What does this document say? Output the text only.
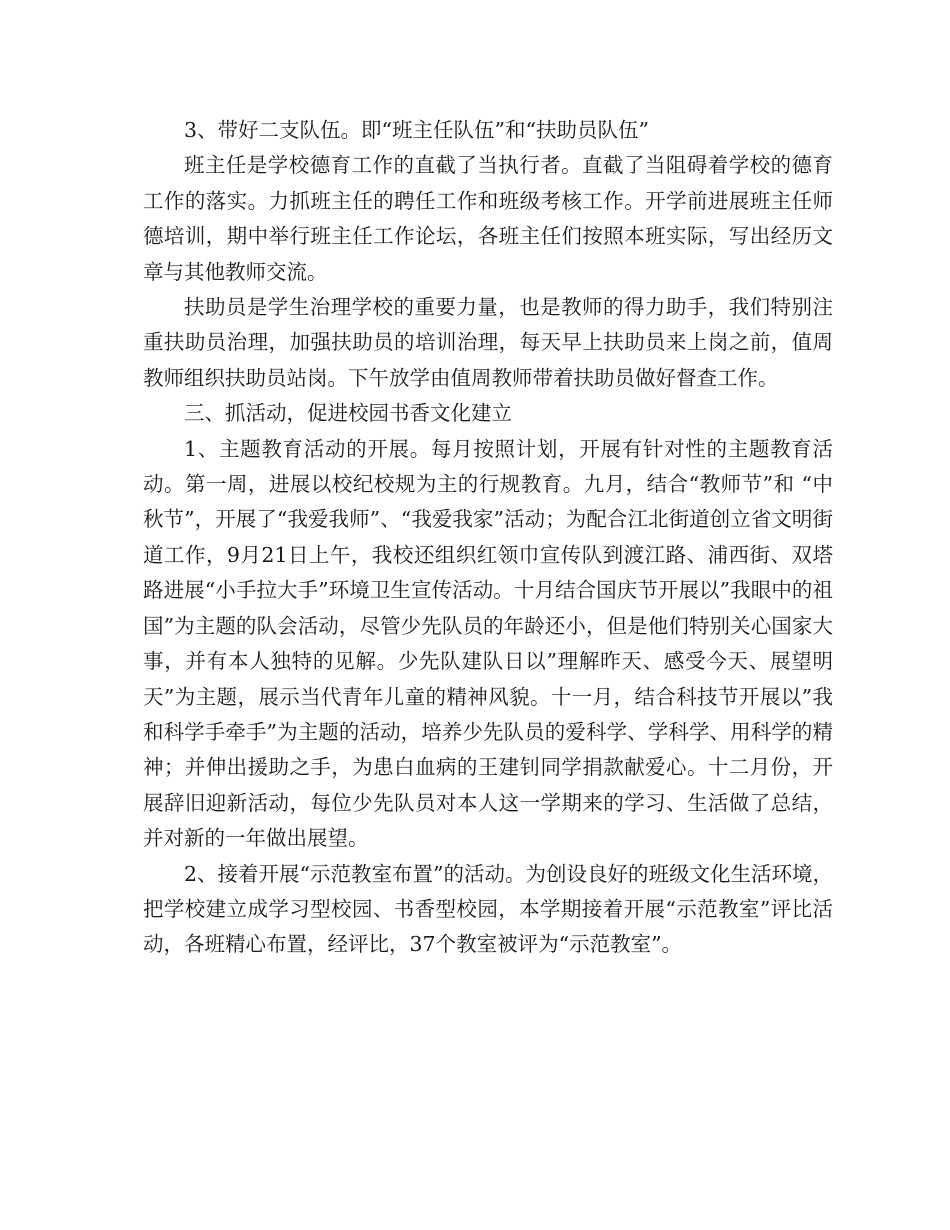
3、带好二支队伍。即“班主任队伍”和“扶助员队伍”

班主任是学校德育工作的直截了当执行者。直截了当阻碍着学校的德育工作的落实。力抓班主任的聘任工作和班级考核工作。开学前进展班主任师德培训，期中举行班主任工作论坛，各班主任们按照本班实际，写出经历文章与其他教师交流。

扶助员是学生治理学校的重要力量，也是教师的得力助手，我们特别注重扶助员治理，加强扶助员的培训治理，每天早上扶助员来上岗之前，值周教师组织扶助员站岗。下午放学由值周教师带着扶助员做好督查工作。

三、抓活动，促进校园书香文化建立

1、主题教育活动的开展。每月按照计划，开展有针对性的主题教育活动。第一周，进展以校纪校规为主的行规教育。九月，结合“教师节”和 “中秋节”，开展了“我爱我师”、“我爱我家”活动；为配合江北街道创立省文明街道工作，9月21日上午，我校还组织红领巾宣传队到渡江路、浦西街、双塔路进展“小手拉大手”环境卫生宣传活动。十月结合国庆节开展以”我眼中的祖国”为主题的队会活动，尽管少先队员的年龄还小，但是他们特别关心国家大事，并有本人独特的见解。少先队建队日以”理解昨天、感受今天、展望明天”为主题，展示当代青年儿童的精神风貌。十一月，结合科技节开展以”我和科学手牵手”为主题的活动，培养少先队员的爱科学、学科学、用科学的精神；并伸出援助之手，为患白血病的王建钊同学捐款献爱心。十二月份，开展辞旧迎新活动，每位少先队员对本人这一学期来的学习、生活做了总结，并对新的一年做出展望。

2、接着开展“示范教室布置”的活动。为创设良好的班级文化生活环境，把学校建立成学习型校园、书香型校园，本学期接着开展“示范教室”评比活动，各班精心布置，经评比，37个教室被评为“示范教室”。
